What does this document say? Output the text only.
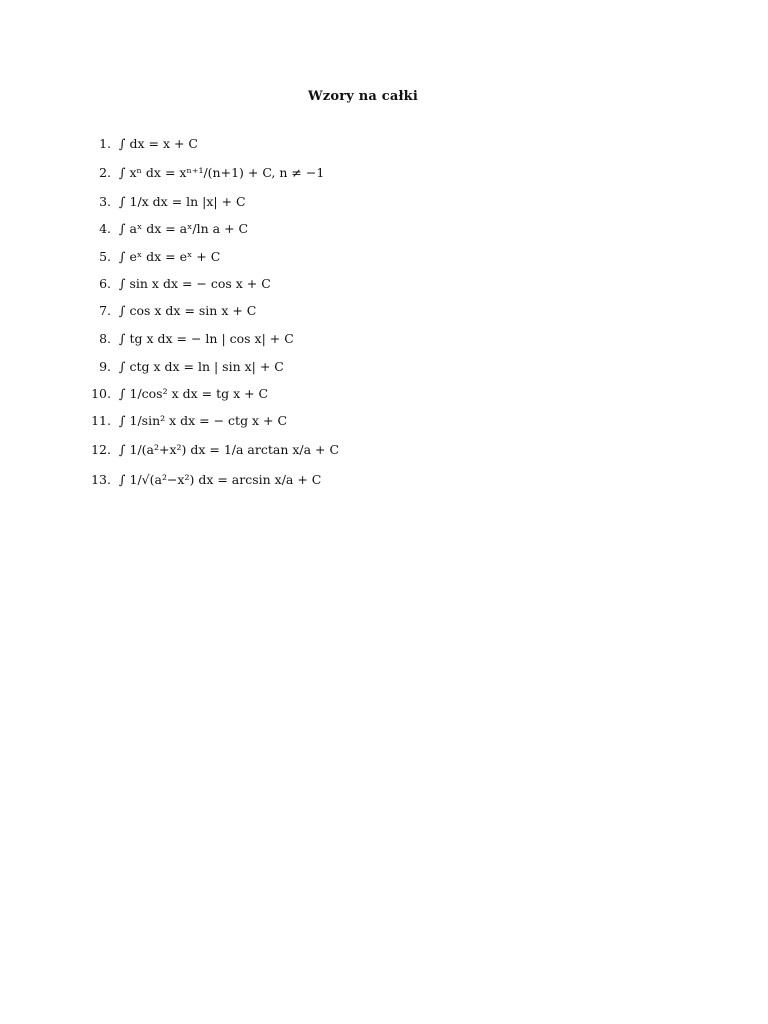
Wzory na całki
1. ∫ dx = x + C
2. ∫ xⁿ dx = xⁿ⁺¹/(n+1) + C, n ≠ −1
3. ∫ 1/x dx = ln |x| + C
4. ∫ aˣ dx = aˣ/ln a + C
5. ∫ eˣ dx = eˣ + C
6. ∫ sin x dx = − cos x + C
7. ∫ cos x dx = sin x + C
8. ∫ tg x dx = − ln | cos x| + C
9. ∫ ctg x dx = ln | sin x| + C
10. ∫ 1/cos² x dx = tg x + C
11. ∫ 1/sin² x dx = − ctg x + C
12. ∫ 1/(a²+x²) dx = 1/a arctan x/a + C
13. ∫ 1/√(a²−x²) dx = arcsin x/a + C
